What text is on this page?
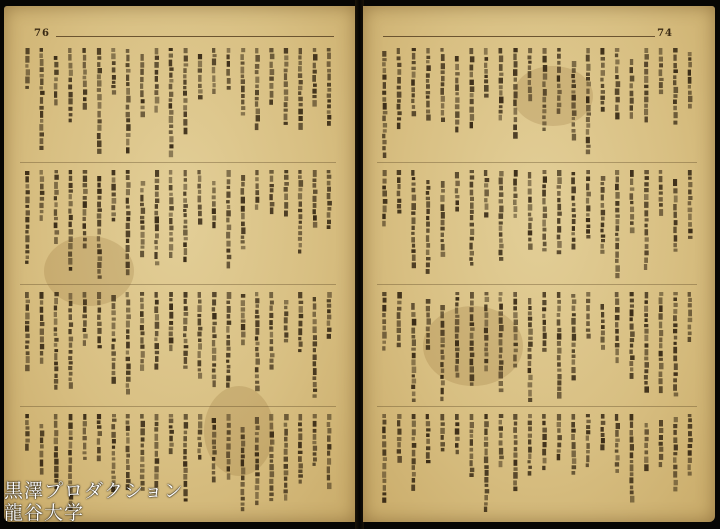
76	74
黒澤プロダクション
龍谷大学
